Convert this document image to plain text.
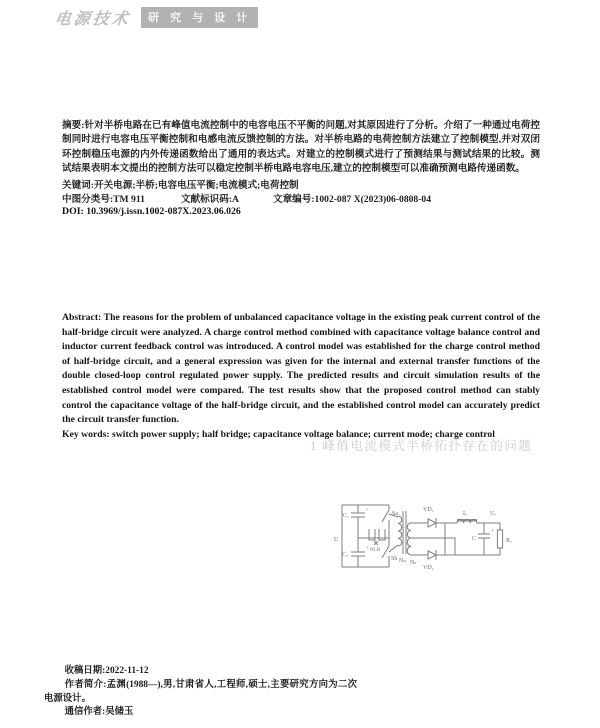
电源技术	研 究 与 设 计
摘要:针对半桥电路在已有峰值电流控制中的电容电压不平衡的问题,对其原因进行了分析。介绍了一种通过电荷控制同时进行电容电压平衡控制和电感电流反馈控制的方法。对半桥电路的电荷控制方法建立了控制模型,并对双闭环控制稳压电源的内外传递函数给出了通用的表达式。对建立的控制模式进行了预测结果与测试结果的比较。测试结果表明本文提出的控制方法可以稳定控制半桥电路电容电压,建立的控制模型可以准确预测电路传递函数。
关键词:开关电源;半桥;电容电压平衡;电流模式;电荷控制
中图分类号:TM 911	文献标识码:A	文章编号:1002-087 X(2023)06-0808-04
DOI: 10.3969/j.issn.1002-087X.2023.06.026
Abstract: The reasons for the problem of unbalanced capacitance voltage in the existing peak current control of the half-bridge circuit were analyzed. A charge control method combined with capacitance voltage balance control and inductor current feedback control was introduced. A control model was established for the charge control method of half-bridge circuit, and a general expression was given for the internal and external transfer functions of the double closed-loop control regulated power supply. The predicted results and circuit simulation results of the established control model were compared. The test results show that the proposed control method can stably control the capacitance voltage of the half-bridge circuit, and the established control model can accurately predict the circuit transfer function.
Key words: switch power supply; half bridge; capacitance voltage balance; current mode; charge control
1 峰值电流模式半桥拓扑存在的问题
U
C₁
C₂
+
+ NCB
Sa
Sb Nₚ Nₛ
VD₁
VD₂
L	Uₒ
C
+
Rₒ

收稿日期:2022-11-12

作者简介:孟渊(1988—),男,甘肃省人,工程师,硕士,主要研究方向为二次电源设计。

通信作者:吴储玉
